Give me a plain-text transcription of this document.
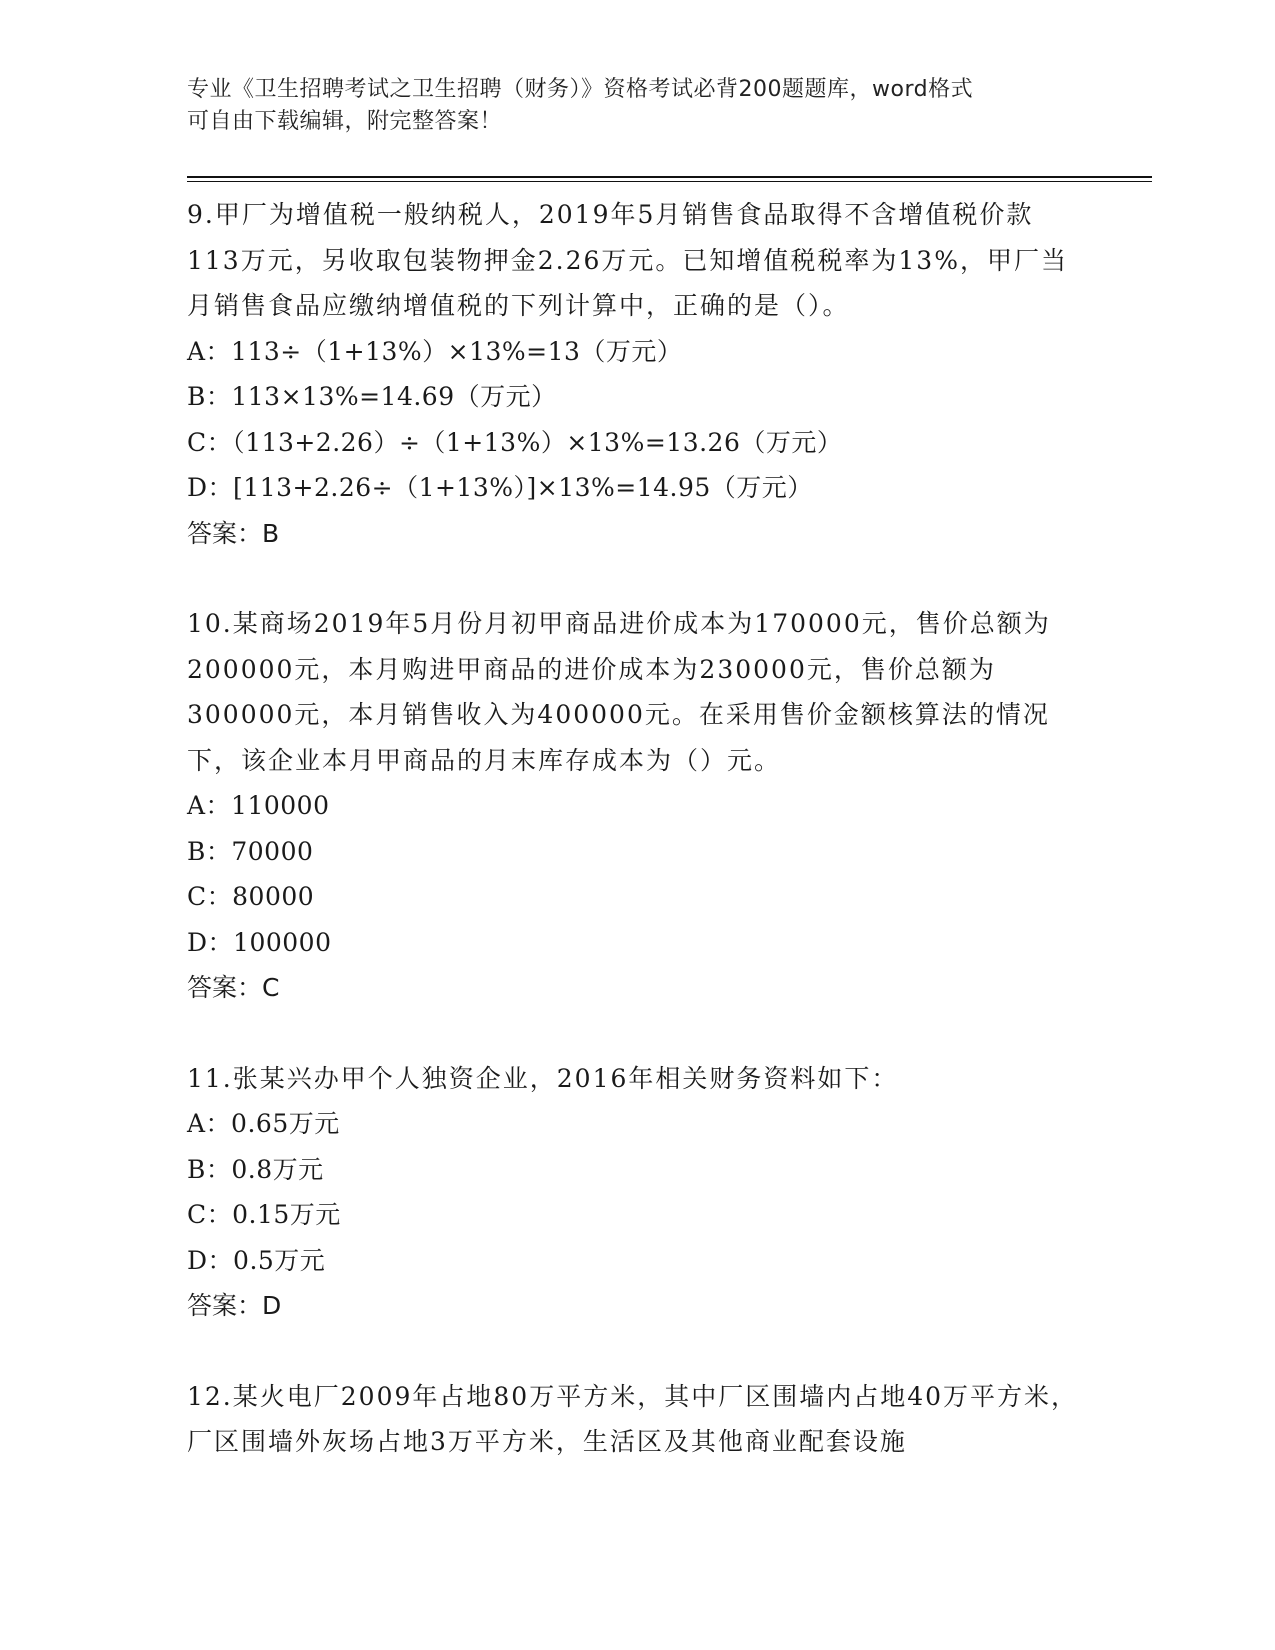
专业《卫生招聘考试之卫生招聘（财务）》资格考试必背200题题库，word格式
可自由下载编辑，附完整答案！

9.甲厂为增值税一般纳税人，2019年5月销售食品取得不含增值税价款113万元，另收取包装物押金2.26万元。已知增值税税率为13%，甲厂当月销售食品应缴纳增值税的下列计算中，正确的是（）。

A：113÷（1+13%）×13%=13（万元）

B：113×13%=14.69（万元）

C：（113+2.26）÷（1+13%）×13%=13.26（万元）

D：[113+2.26÷（1+13%）]×13%=14.95（万元）

答案：B

10.某商场2019年5月份月初甲商品进价成本为170000元，售价总额为200000元，本月购进甲商品的进价成本为230000元，售价总额为300000元，本月销售收入为400000元。在采用售价金额核算法的情况下，该企业本月甲商品的月末库存成本为（）元。

A：110000

B：70000

C：80000

D：100000

答案：C

11.张某兴办甲个人独资企业，2016年相关财务资料如下：

A：0.65万元

B：0.8万元

C：0.15万元

D：0.5万元

答案：D

12.某火电厂2009年占地80万平方米，其中厂区围墙内占地40万平方米，厂区围墙外灰场占地3万平方米，生活区及其他商业配套设施
